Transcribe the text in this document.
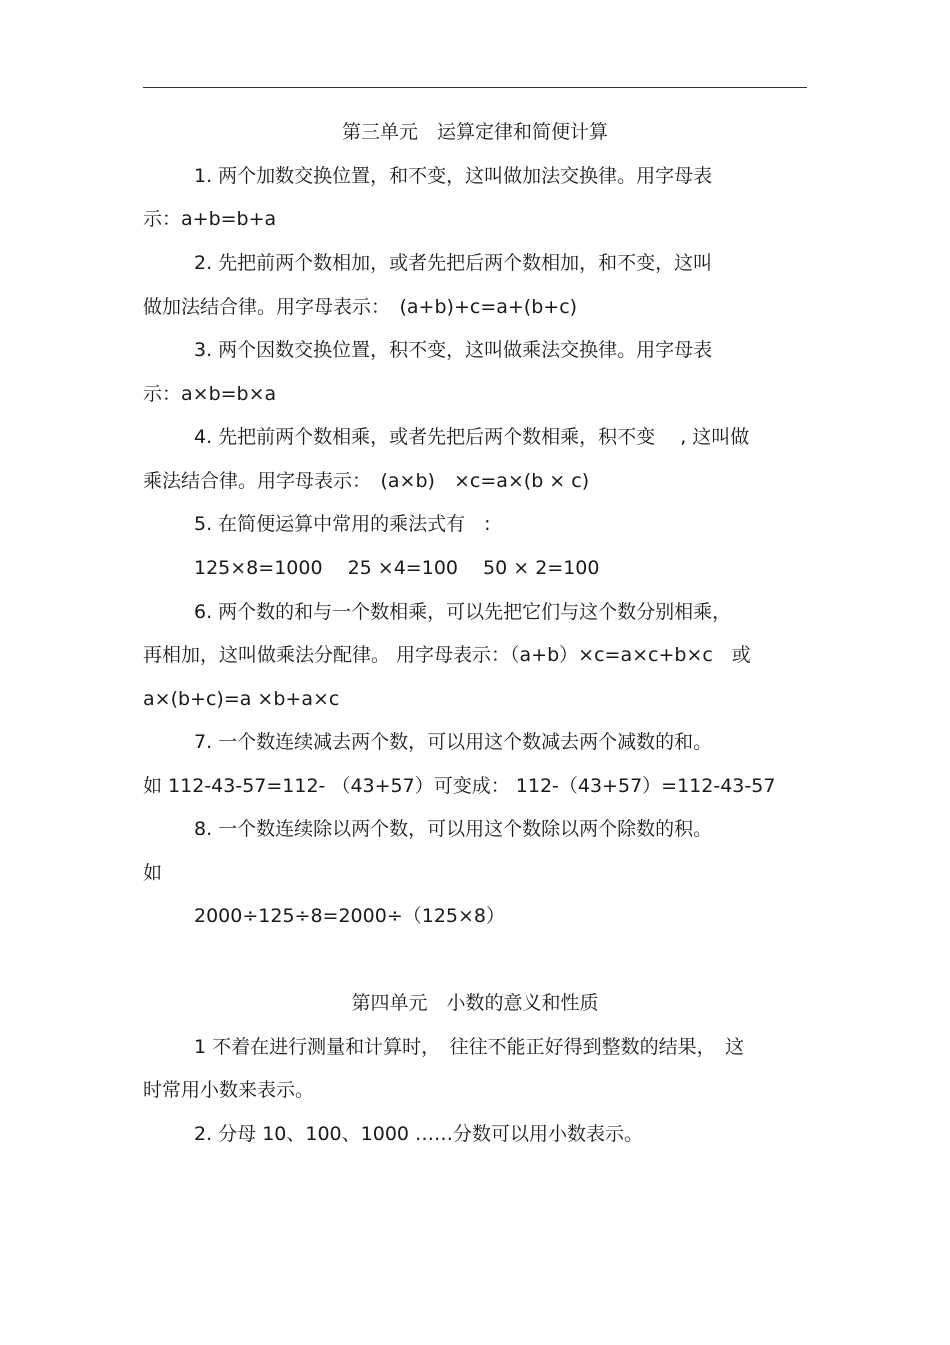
第三单元　运算定律和简便计算
1. 两个加数交换位置，和不变，这叫做加法交换律。用字母表
示：a+b=b+a
2. 先把前两个数相加，或者先把后两个数相加，和不变，这叫
做加法结合律。用字母表示：　(a+b)+c=a+(b+c)
3. 两个因数交换位置，积不变，这叫做乘法交换律。用字母表
示：a×b=b×a
4. 先把前两个数相乘，或者先把后两个数相乘，积不变　 , 这叫做
乘法结合律。用字母表示：　(a×b)　×c=a×(b × c)
5. 在简便运算中常用的乘法式有　:
125×8=1000　 25 ×4=100　 50 × 2=100
6. 两个数的和与一个数相乘，可以先把它们与这个数分别相乘，
再相加，这叫做乘法分配律。 用字母表示：（a+b）×c=a×c+b×c　或
a×(b+c)=a ×b+a×c
7. 一个数连续减去两个数，可以用这个数减去两个减数的和。
如 112-43-57=112- （43+57）可变成： 112-（43+57）=112-43-57
8. 一个数连续除以两个数，可以用这个数除以两个除数的积。
如
2000÷125÷8=2000÷（125×8）
第四单元　小数的意义和性质
1 不着在进行测量和计算时，　往往不能正好得到整数的结果，　这
时常用小数来表示。
2. 分母 10、100、1000 ……分数可以用小数表示。
